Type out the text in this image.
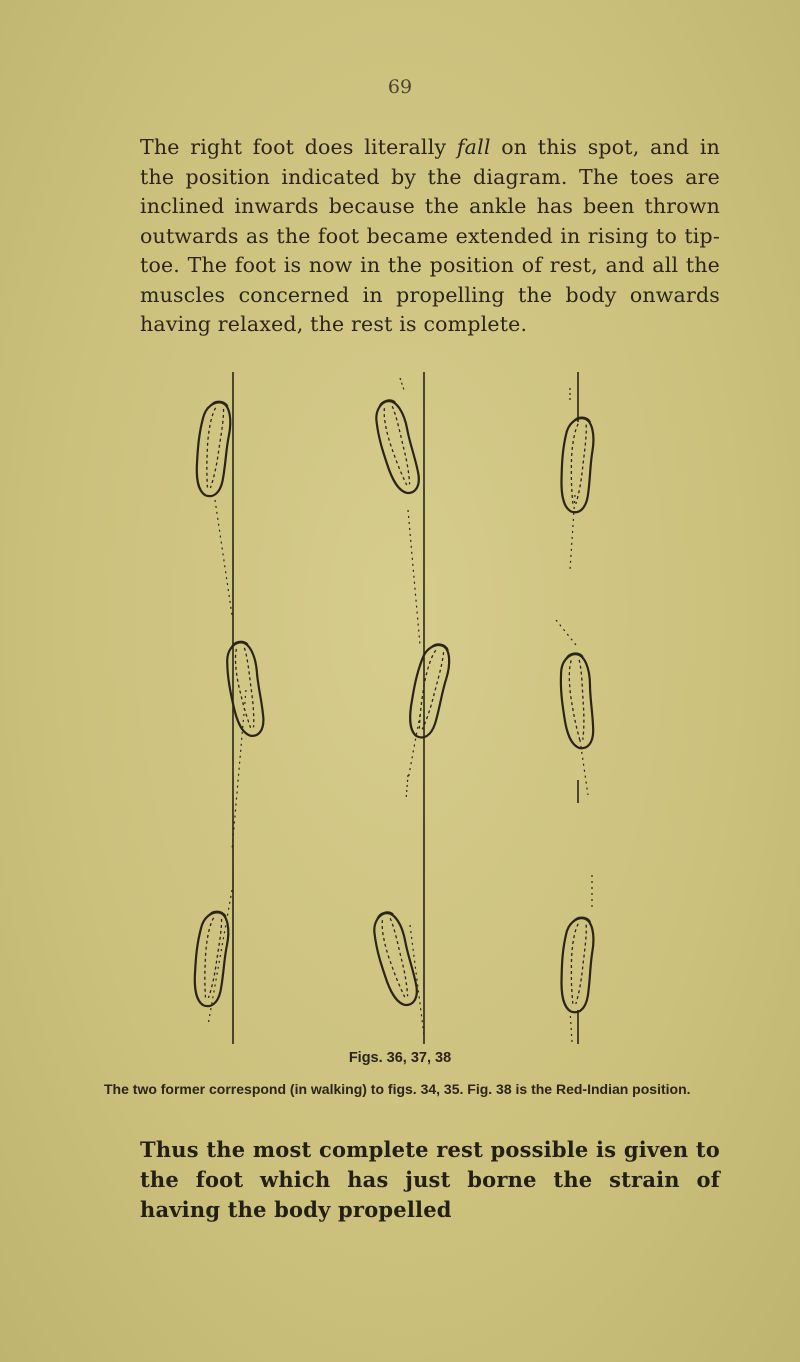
69
The right foot does literally fall on this spot, and in the position indicated by the diagram. The toes are inclined inwards because the ankle has been thrown outwards as the foot became extended in rising to tip-toe. The foot is now in the position of rest, and all the muscles concerned in propelling the body onwards having relaxed, the rest is complete.
Figs. 36, 37, 38
The two former correspond (in walking) to figs. 34, 35. Fig. 38 is the Red-Indian position.
Thus the most complete rest possible is given to the foot which has just borne the strain of having the body propelled
